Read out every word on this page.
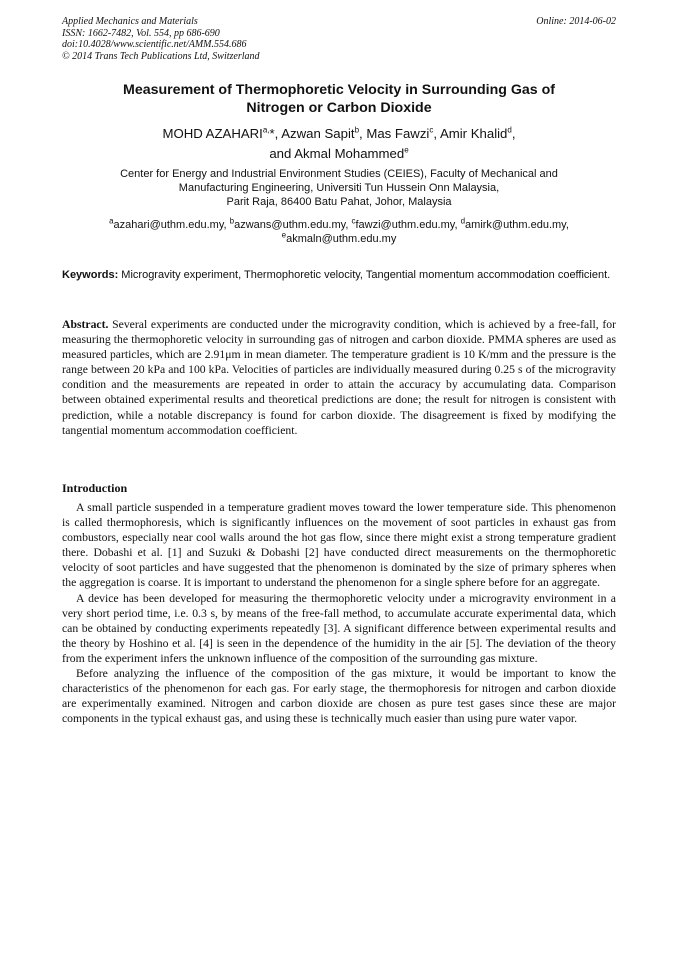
Online: 2014-06-02
Applied Mechanics and Materials
ISSN: 1662-7482, Vol. 554, pp 686-690
doi:10.4028/www.scientific.net/AMM.554.686
© 2014 Trans Tech Publications Ltd, Switzerland
Measurement of Thermophoretic Velocity in Surrounding Gas of
Nitrogen or Carbon Dioxide
MOHD $AZAHARI^{a,}*$, Azwan Sapit$^b$, Mas Fawzi$^c$, Amir Khalid$^d$,
and Akmal Mohammed$^e$
Center for Energy and Industrial Environment Studies (CEIES), Faculty of Mechanical and
Manufacturing Engineering, Universiti Tun Hussein Onn Malaysia,
Parit Raja, 86400 Batu Pahat, Johor, Malaysia
$^a$azahari@uthm.edu.my, $^b$azwans@uthm.edu.my, $^c$fawzi@uthm.edu.my, $^d$amirk@uthm.edu.my,
$^e$akmaln@uthm.edu.my
Keywords: Microgravity experiment, Thermophoretic velocity, Tangential momentum accommodation coefficient.
Abstract. Several experiments are conducted under the microgravity condition, which is achieved by a free-fall, for measuring the thermophoretic velocity in surrounding gas of nitrogen and carbon dioxide. PMMA spheres are used as measured particles, which are 2.91μm in mean diameter. The temperature gradient is 10 K/mm and the pressure is the range between 20 kPa and 100 kPa. Velocities of particles are individually measured during 0.25 s of the microgravity condition and the measurements are repeated in order to attain the accuracy by accumulating data. Comparison between obtained experimental results and theoretical predictions are done; the result for nitrogen is consistent with prediction, while a notable discrepancy is found for carbon dioxide. The disagreement is fixed by modifying the tangential momentum accommodation coefficient.
Introduction

A small particle suspended in a temperature gradient moves toward the lower temperature side. This phenomenon is called thermophoresis, which is significantly influences on the movement of soot particles in exhaust gas from combustors, especially near cool walls around the hot gas flow, since there might exist a strong temperature gradient there. Dobashi et al. [1] and Suzuki & Dobashi [2] have conducted direct measurements on the thermophoretic velocity of soot particles and have suggested that the phenomenon is dominated by the size of primary spheres when the aggregation is coarse. It is important to understand the phenomenon for a single sphere before for an aggregate.

A device has been developed for measuring the thermophoretic velocity under a microgravity environment in a very short period time, i.e. 0.3 s, by means of the free-fall method, to accumulate accurate experimental data, which can be obtained by conducting experiments repeatedly [3]. A significant difference between experimental results and the theory by Hoshino et al. [4] is seen in the dependence of the humidity in the air [5]. The deviation of the theory from the experiment infers the unknown influence of the composition of the surrounding gas mixture.

Before analyzing the influence of the composition of the gas mixture, it would be important to know the characteristics of the phenomenon for each gas. For early stage, the thermophoresis for nitrogen and carbon dioxide are experimentally examined. Nitrogen and carbon dioxide are chosen as pure test gases since these are major components in the typical exhaust gas, and using these is technically much easier than using pure water vapor.
